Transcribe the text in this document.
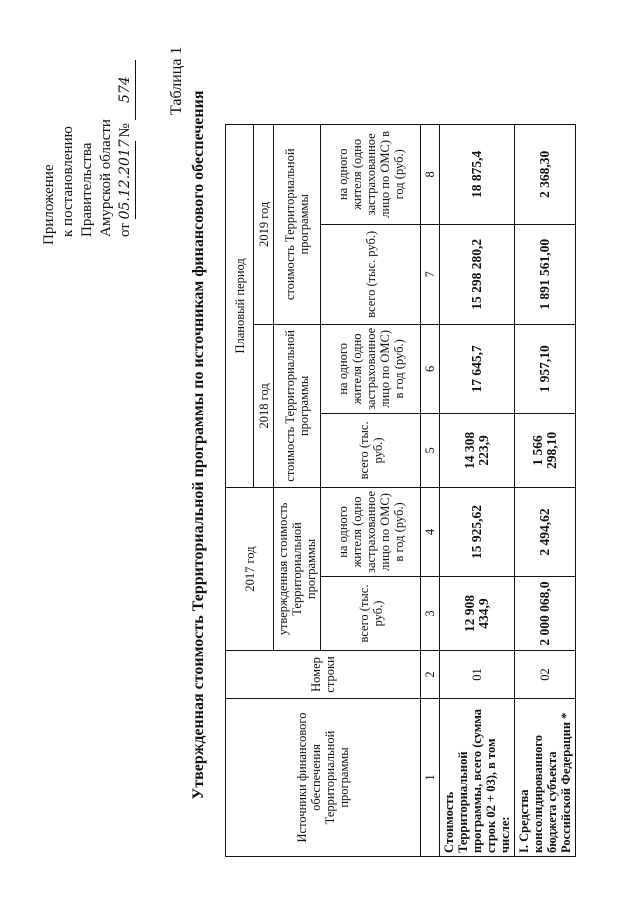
Приложение к постановлению Правительства Амурской области от 05.12.2017 № 574 Таблица 1
Утвержденная стоимость Территориальной программы по источникам финансового обеспечения	Источники финансового обеспечения Территориальной программы	Номер строки	2017 год		Плановый период			
				2018 год		2019 год	
		утвержденная стоимость Территориальной программы		стоимость Территориальной программы		стоимость Территориальной программы	
		всего (тыс. руб.)	на одного жителя (одно застрахованное лицо по ОМС) в год (руб.)	всего (тыс. руб.)	на одного жителя (одно застрахованное лицо по ОМС) в год (руб.)	всего (тыс. руб.)	на одного жителя (одно застрахованное лицо по ОМС) в год (руб.)
1	2	3	4	5	6	7	8
Стоимость Территориальной программы, всего (сумма строк 02 + 03), в том числе:	01	12 908 434,9	15 925,62	14 308 223,9	17 645,7	15 298 280,2	18 875,4
I. Средства консолидированного бюджета субъекта Российской Федерации *	02	2 000 068,0	2 494,62	1 566 298,10	1 957,10	1 891 561,00	2 368,30
